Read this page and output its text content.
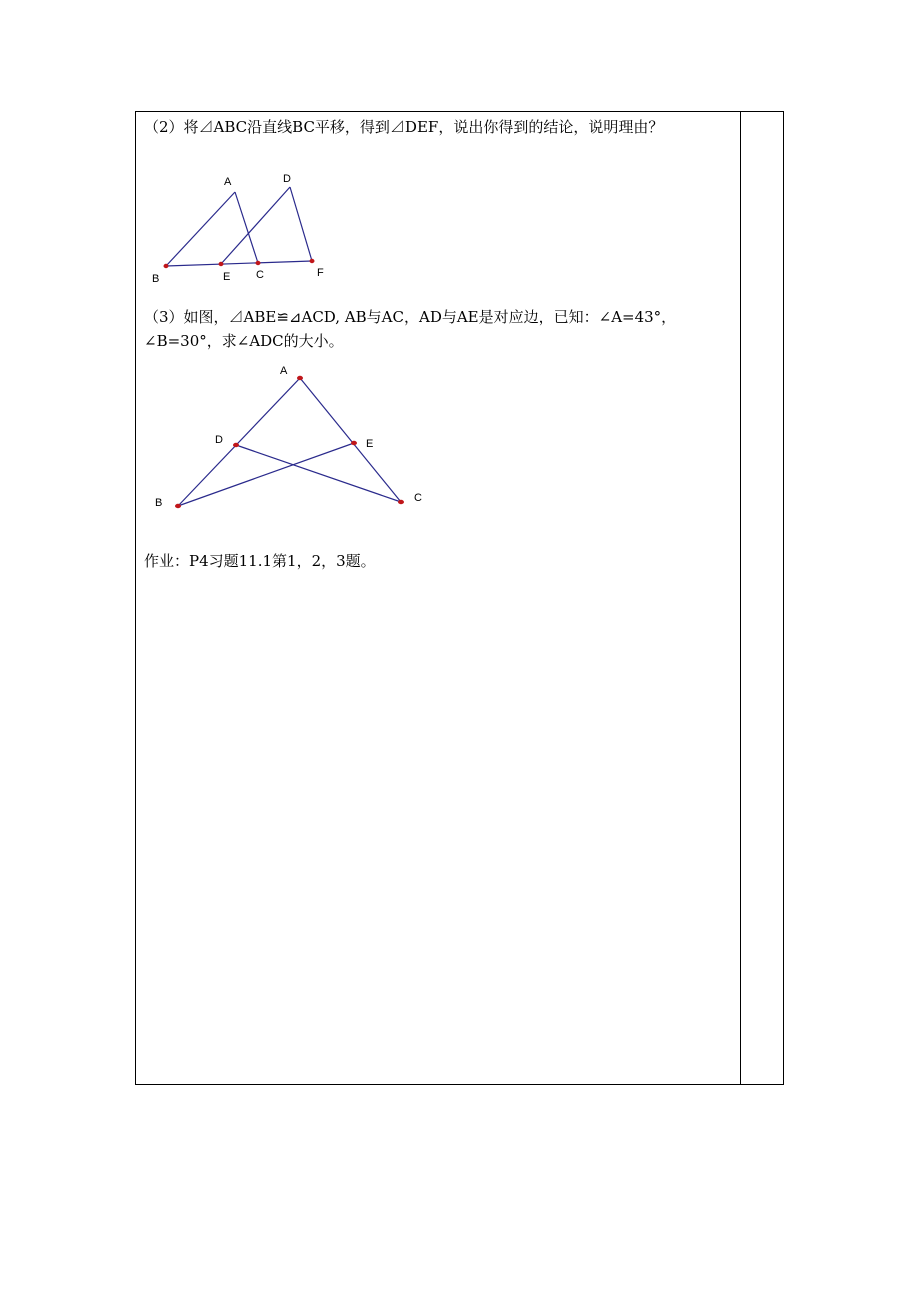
（2）将⊿ABC沿直线BC平移，得到⊿DEF，说出你得到的结论，说明理由？
A	D
B	E C	F
（3）如图，⊿ABE≌⊿ACD, AB与AC，AD与AE是对应边，已知：∠A=43°，∠B=30°，求∠ADC的大小。
A
D	E
B	C
作业：P4习题11.1第1，2，3题。
